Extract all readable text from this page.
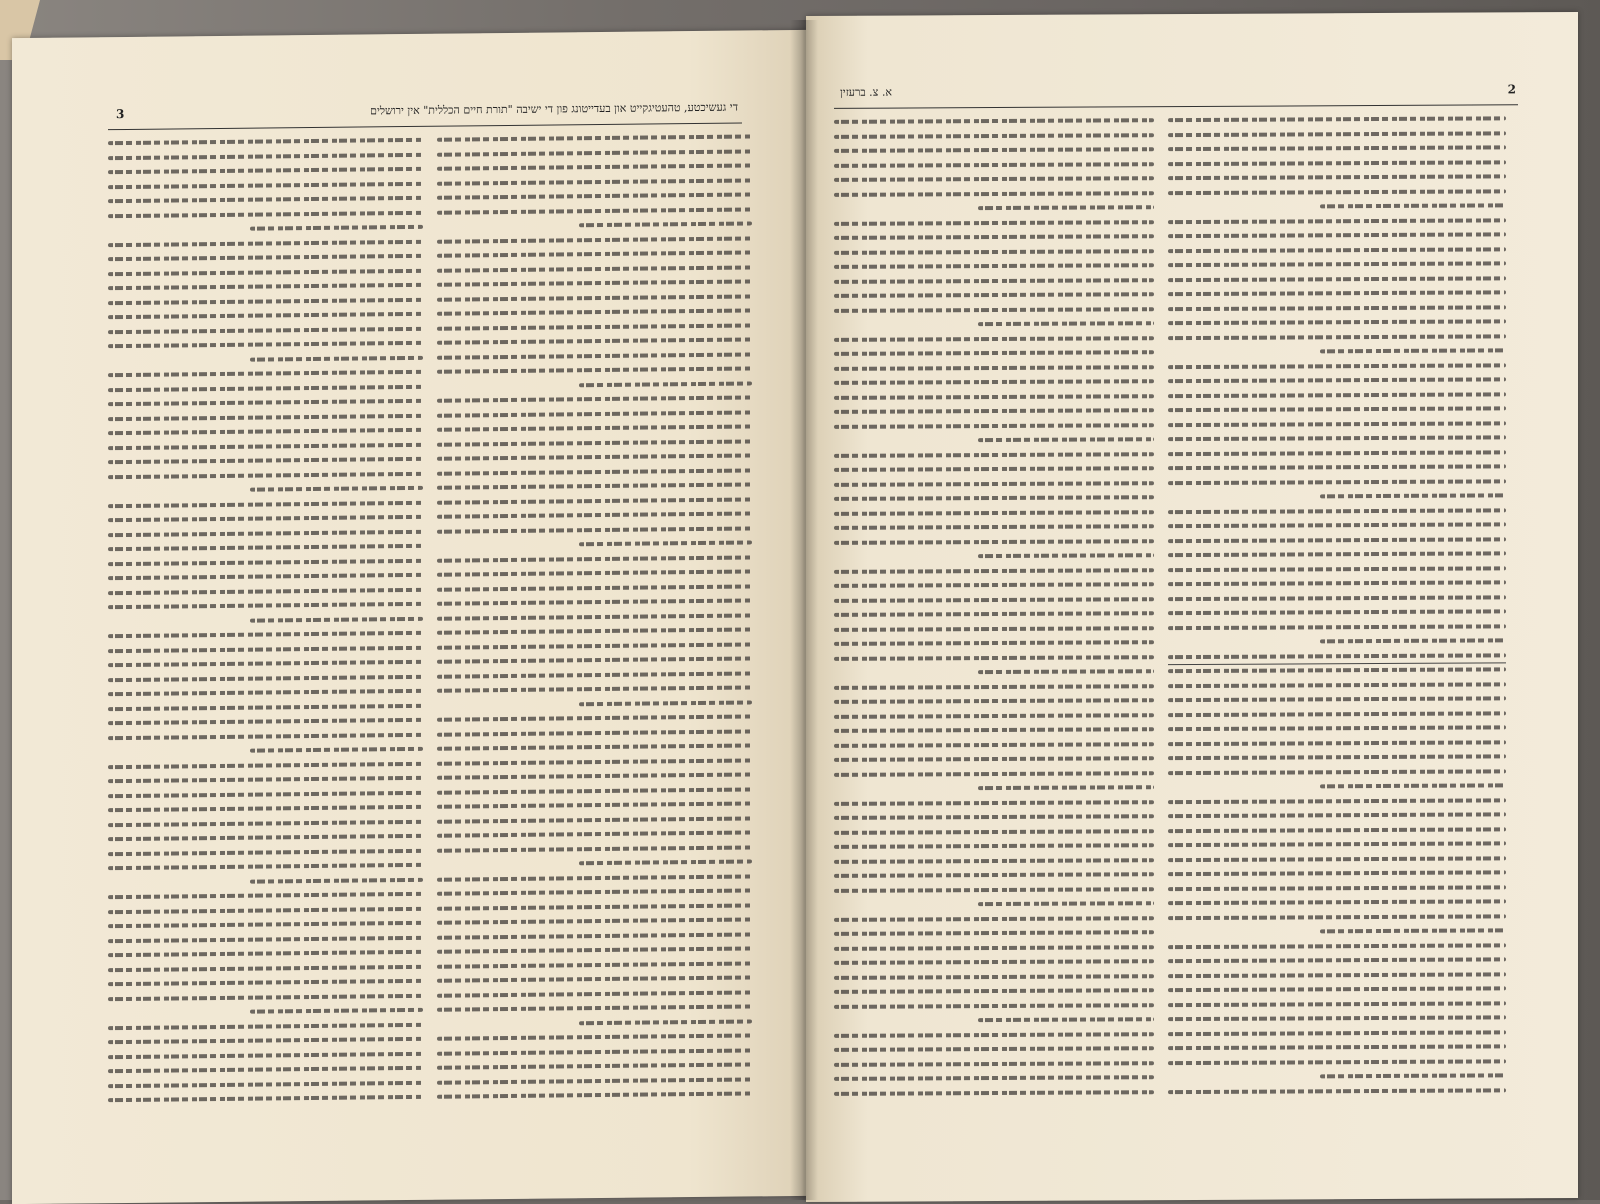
3	די געשיכטע, טהעטיגקייט און בעדייטונג פון די ישיבה "תורת חיים הכללית" אין ירושלים
2
א. צ. ברעזין
